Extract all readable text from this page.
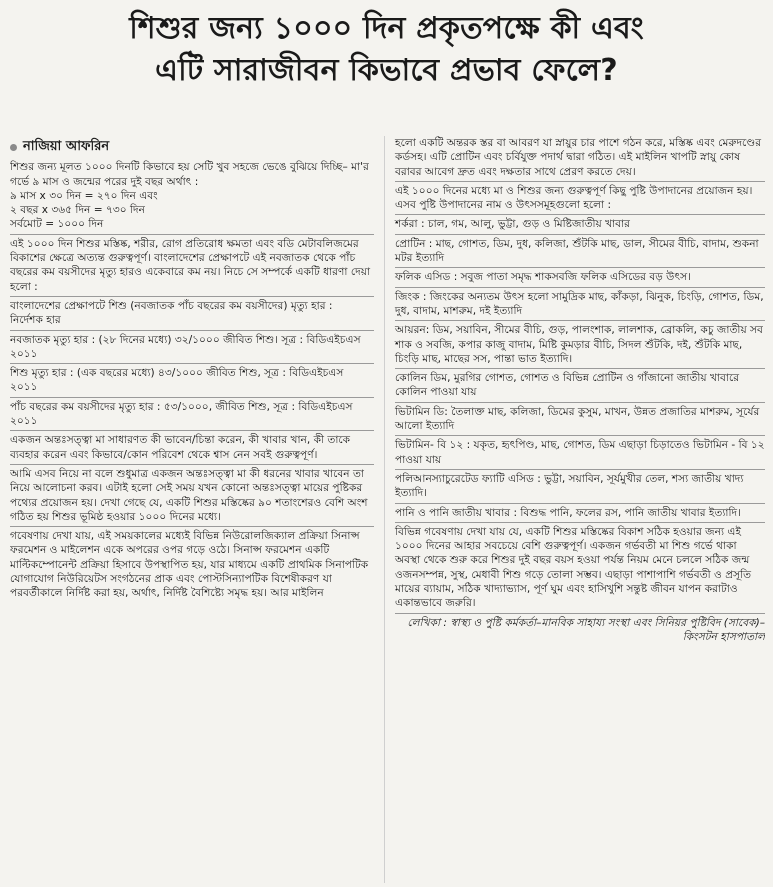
শিশুর জন্য ১০০০ দিন প্রকৃতপক্ষে কী এবং
এটি সারাজীবন কিভাবে প্রভাব ফেলে?
নাজিয়া আফরিন

শিশুর জন্য মূলত ১০০০ দিনটি কিভাবে হয় সেটি খুব সহজে ভেঙে বুঝিয়ে দিচ্ছি– মা'র গর্ভে ৯ মাস ও জন্মের পরের দুই বছর অর্থাৎ :

৯ মাস x ৩০ দিন = ২৭০ দিন এবং

২ বছর x ৩৬৫ দিন = ৭৩০ দিন

সর্বমোট = ১০০০ দিন

এই ১০০০ দিন শিশুর মস্তিষ্ক, শরীর, রোগ প্রতিরোধ ক্ষমতা এবং বডি মেটাবলিজমের বিকাশের ক্ষেত্রে অত্যন্ত গুরুত্বপূর্ণ। বাংলাদেশের প্রেক্ষাপটে এই নবজাতক থেকে পাঁচ বছরের কম বয়সীদের মৃত্যু হারও একেবারে কম নয়। নিচে সে সম্পর্কে একটি ধারণা দেয়া হলো :

বাংলাদেশের প্রেক্ষাপটে শিশু (নবজাতক পাঁচ বছরের কম বয়সীদের) মৃত্যু হার :

নির্দেশক হার

নবজাতক মৃত্যু হার : (২৮ দিনের মধ্যে) ৩২/১০০০ জীবিত শিশু। সূত্র : বিডিএইচএস ২০১১

শিশু মৃত্যু হার : (এক বছরের মধ্যে) ৪৩/১০০০ জীবিত শিশু, সূত্র : বিডিএইচএস ২০১১

পাঁচ বছরের কম বয়সীদের মৃত্যু হার : ৫৩/১০০০, জীবিত শিশু, সূত্র : বিডিএইচএস ২০১১

একজন অন্তঃসত্ত্বা মা সাধারণত কী ভাবেন/চিন্তা করেন, কী খাবার খান, কী তাকে ব্যবহার করেন এবং কিভাবে/কোন পরিবেশ থেকে শ্বাস নেন সবই গুরুত্বপূর্ণ।

আমি এসব নিয়ে না বলে শুধুমাত্র একজন অন্তঃসত্ত্বা মা কী ধরনের খাবার খাবেন তা নিয়ে আলোচনা করব। এটাই হলো সেই সময় যখন কোনো অন্তঃসত্ত্বা মায়ের পুষ্টিকর পথ্যের প্রয়োজন হয়। দেখা গেছে যে, একটি শিশুর মস্তিষ্কের ৯০ শতাংশেরও বেশি অংশ গঠিত হয় শিশুর ভূমিষ্ঠ হওয়ার ১০০০ দিনের মধ্যে।

গবেষণায় দেখা যায়, এই সময়কালের মধ্যেই বিভিন্ন নিউরোলজিক্যাল প্রক্রিয়া সিনাপ্স ফরমেশন ও মাইলেশন একে অপরের ওপর গড়ে ওঠে। সিনাপ্স ফরমেশন একটি মাল্টিকম্পোনেন্ট প্রক্রিয়া হিসাবে উপস্থাপিত হয়, যার মাধ্যমে একটি প্রাথমিক সিনাপটিক যোগাযোগ নিউরিয়েটস সংগঠনের প্রাক এবং পোস্টসিন্যাপটিক বিশেষীকরণ যা পরবর্তীকালে নির্দিষ্ট করা হয়, অর্থাৎ, নির্দিষ্ট বৈশিষ্ট্যে সমৃদ্ধ হয়। আর মাইলিন

হলো একটি অন্তরক স্তর বা আবরণ যা স্নায়ুর চার পাশে গঠন করে, মস্তিষ্ক এবং মেরুদণ্ডের কর্ডসহ। এটি প্রোটিন এবং চর্বিযুক্ত পদার্থ দ্বারা গঠিত। এই মাইলিন খাপটি স্নায়ু কোষ বরাবর আবেগ দ্রুত এবং দক্ষতার সাথে প্রেরণ করতে দেয়।

এই ১০০০ দিনের মধ্যে মা ও শিশুর জন্য গুরুত্বপূর্ণ কিছু পুষ্টি উপাদানের প্রয়োজন হয়। এসব পুষ্টি উপাদানের নাম ও উৎসসমূহগুলো হলো :

শর্করা : চাল, গম, আলু, ভুট্টা, গুড় ও মিষ্টিজাতীয় খাবার

প্রোটিন : মাছ, গোশত, ডিম, দুধ, কলিজা, শুঁটকি মাছ, ডাল, সীমের বীচি, বাদাম, শুকনা মটর ইত্যাদি

ফলিক এসিড : সবুজ পাতা সমৃদ্ধ শাকসবজি ফলিক এসিডের বড় উৎস।

জিংক : জিংকের অন্যতম উৎস হলো সামুদ্রিক মাছ, কাঁকড়া, ঝিনুক, চিংড়ি, গোশত, ডিম, দুধ, বাদাম, মাশরুম, দই ইত্যাদি

আয়রন: ডিম, সয়াবিন, সীমের বীচি, গুড়, পালংশাক, লালশাক, ব্রোকলি, কচু জাতীয় সব শাক ও সবজি, কপার কাজু বাদাম, মিষ্টি কুমড়ার বীচি, সিদল শুঁটকি, দই, শুঁটকি মাছ, চিংড়ি মাছ, মাছের সস, পান্তা ভাত ইত্যাদি।

কোলিন ডিম, মুরগির গোশত, গোশত ও বিভিন্ন প্রোটিন ও গাঁজানো জাতীয় খাবারে কোলিন পাওয়া যায়

ভিটামিন ডি: তৈলাক্ত মাছ, কলিজা, ডিমের কুসুম, মাখন, উন্নত প্রজাতির মাশরুম, সূর্যের আলো ইত্যাদি

ভিটামিন- বি ১২ : যকৃত, হৃৎপিণ্ড, মাছ, গোশত, ডিম এছাড়া চিড়াতেও ভিটামিন - বি ১২ পাওয়া যায়

পলিআনস্যাচুরেটেড ফ্যাটি এসিড : ভুট্টা, সয়াবিন, সূর্যমুখীর তেল, শস্য জাতীয় খাদ্য ইত্যাদি।

পানি ও পানি জাতীয় খাবার : বিশুদ্ধ পানি, ফলের রস, পানি জাতীয় খাবার ইত্যাদি।

বিভিন্ন গবেষণায় দেখা যায় যে, একটি শিশুর মস্তিষ্কের বিকাশ সঠিক হওয়ার জন্য এই ১০০০ দিনের আহার সবচেয়ে বেশি গুরুত্বপূর্ণ। একজন গর্ভবতী মা শিশু গর্ভে থাকা অবস্থা থেকে শুরু করে শিশুর দুই বছর বয়স হওয়া পর্যন্ত নিয়ম মেনে চললে সঠিক জন্ম ওজনসম্পন্ন, সুস্থ, মেধাবী শিশু গড়ে তোলা সম্ভব। এছাড়া পাশাপাশি গর্ভবতী ও প্রসূতি মায়ের ব্যায়াম, সঠিক খাদ্যাভ্যাস, পূর্ণ ঘুম এবং হাসিখুশি সন্তুষ্ট জীবন যাপন করাটাও একান্তভাবে জরুরি।

লেখিকা : স্বাস্থ্য ও পুষ্টি কর্মকর্তা–মানবিক সাহায্য সংস্থা এবং সিনিয়র পুষ্টিবিদ (সাবেক)–কিংসটন হাসপাতাল
